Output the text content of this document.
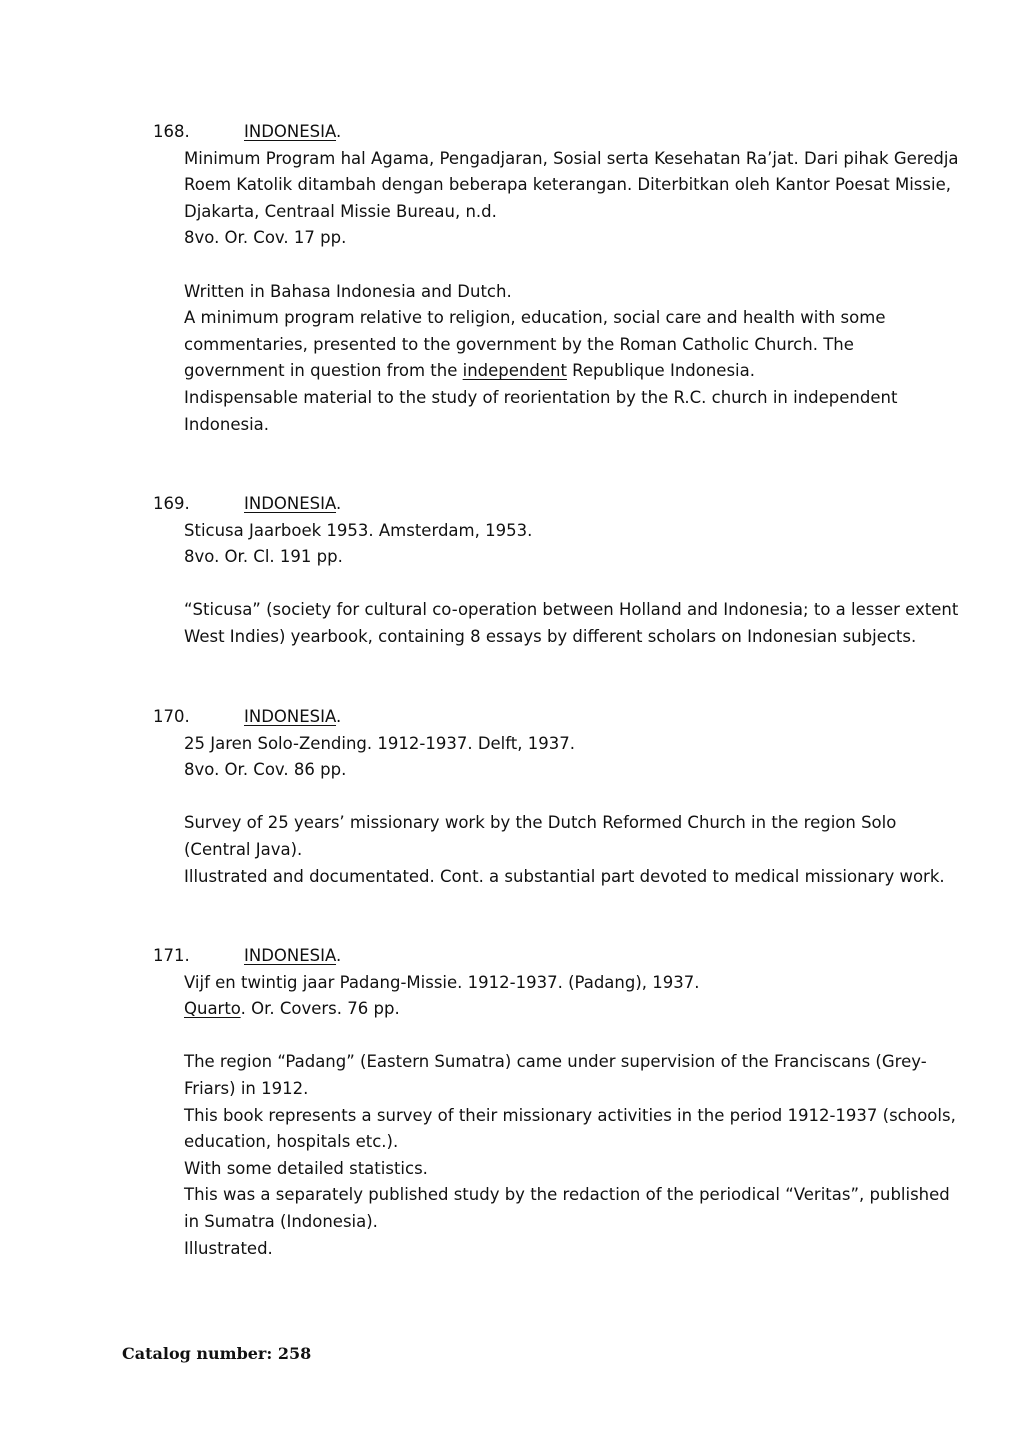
168.	INDONESIA.
Minimum Program hal Agama, Pengadjaran, Sosial serta Kesehatan Ra’jat. Dari pihak Geredja
Roem Katolik ditambah dengan beberapa keterangan. Diterbitkan oleh Kantor Poesat Missie,
Djakarta, Centraal Missie Bureau, n.d.
8vo. Or. Cov. 17 pp.
Written in Bahasa Indonesia and Dutch.
A minimum program relative to religion, education, social care and health with some
commentaries, presented to the government by the Roman Catholic Church. The
government in question from the independent Republique Indonesia.
Indispensable material to the study of reorientation by the R.C. church in independent
Indonesia.
169.	INDONESIA.
Sticusa Jaarboek 1953. Amsterdam, 1953.
8vo. Or. Cl. 191 pp.
“Sticusa” (society for cultural co-operation between Holland and Indonesia; to a lesser extent
West Indies) yearbook, containing 8 essays by different scholars on Indonesian subjects.
170.	INDONESIA.
25 Jaren Solo-Zending. 1912-1937. Delft, 1937.
8vo. Or. Cov. 86 pp.
Survey of 25 years’ missionary work by the Dutch Reformed Church in the region Solo
(Central Java).
Illustrated and documentated. Cont. a substantial part devoted to medical missionary work.
171.	INDONESIA.
Vijf en twintig jaar Padang-Missie. 1912-1937. (Padang), 1937.
Quarto. Or. Covers. 76 pp.
The region “Padang” (Eastern Sumatra) came under supervision of the Franciscans (Grey-
Friars) in 1912.
This book represents a survey of their missionary activities in the period 1912-1937 (schools,
education, hospitals etc.).
With some detailed statistics.
This was a separately published study by the redaction of the periodical “Veritas”, published
in Sumatra (Indonesia).
Illustrated.
Catalog number: 258
